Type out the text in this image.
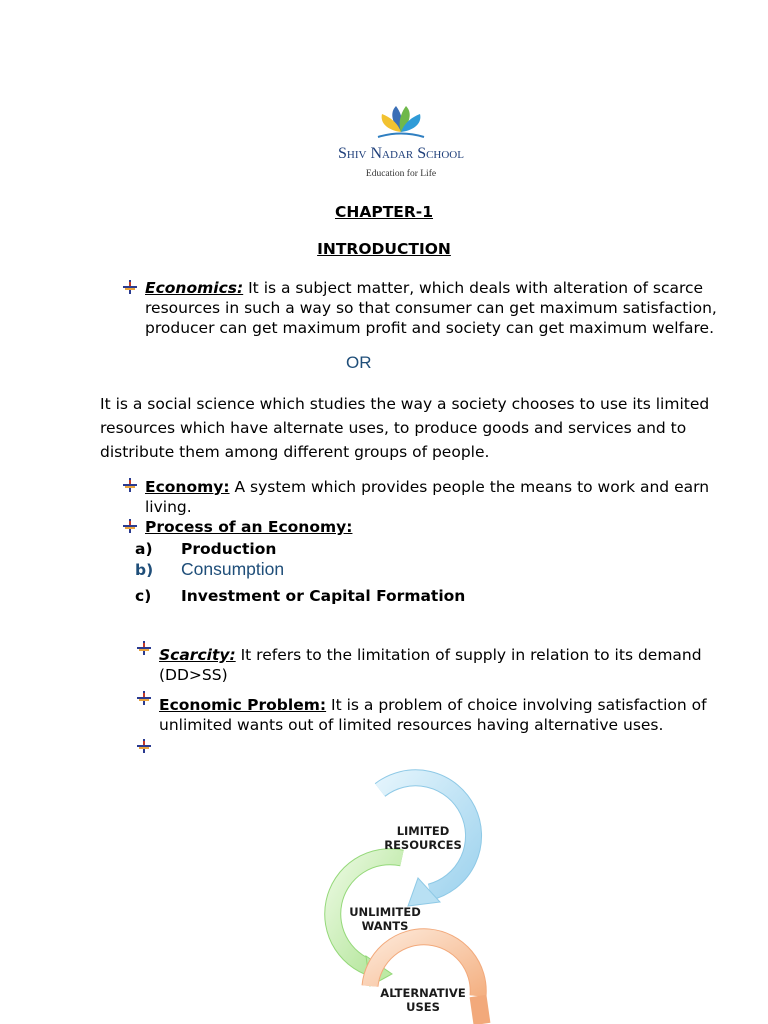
Shiv Nadar School
Education for Life
CHAPTER-1
INTRODUCTION
Economics: It is a subject matter, which deals with alteration of scarce
resources in such a way so that consumer can get maximum satisfaction,
producer can get maximum profit and society can get maximum welfare.
OR
It is a social science which studies the way a society chooses to use its limited
resources which have alternate uses, to produce goods and services and to
distribute them among different groups of people.
Economy: A system which provides people the means to work and earn
living.
Process of an Economy:
a) Production
b) Consumption
c) Investment or Capital Formation
Scarcity: It refers to the limitation of supply in relation to its demand
(DD>SS)
Economic Problem: It is a problem of choice involving satisfaction of
unlimited wants out of limited resources having alternative uses.
LIMITED
RESOURCES
UNLIMITED
WANTS
ALTERNATIVE
USES
